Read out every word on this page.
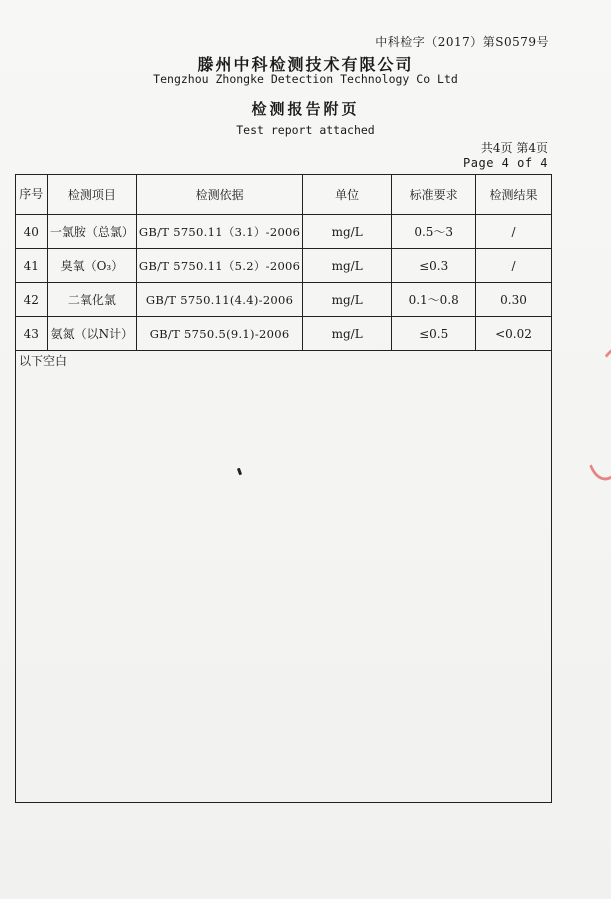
中科检字（2017）第S0579号
滕州中科检测技术有限公司
Tengzhou Zhongke Detection Technology Co Ltd
检测报告附页
Test report attached
共4页 第4页
Page 4 of 4
序号	检测项目	检测依据	单位	标准要求	检测结果
40	一氯胺（总氯）	GB/T 5750.11（3.1）-2006	mg/L	0.5～3	/
41	臭氧（O₃）	GB/T 5750.11（5.2）-2006	mg/L	≤0.3	/
42	二氧化氯	GB/T 5750.11(4.4)-2006	mg/L	0.1～0.8	0.30
43	氨氮（以N计）	GB/T 5750.5(9.1)-2006	mg/L	≤0.5	<0.02
以下空白
